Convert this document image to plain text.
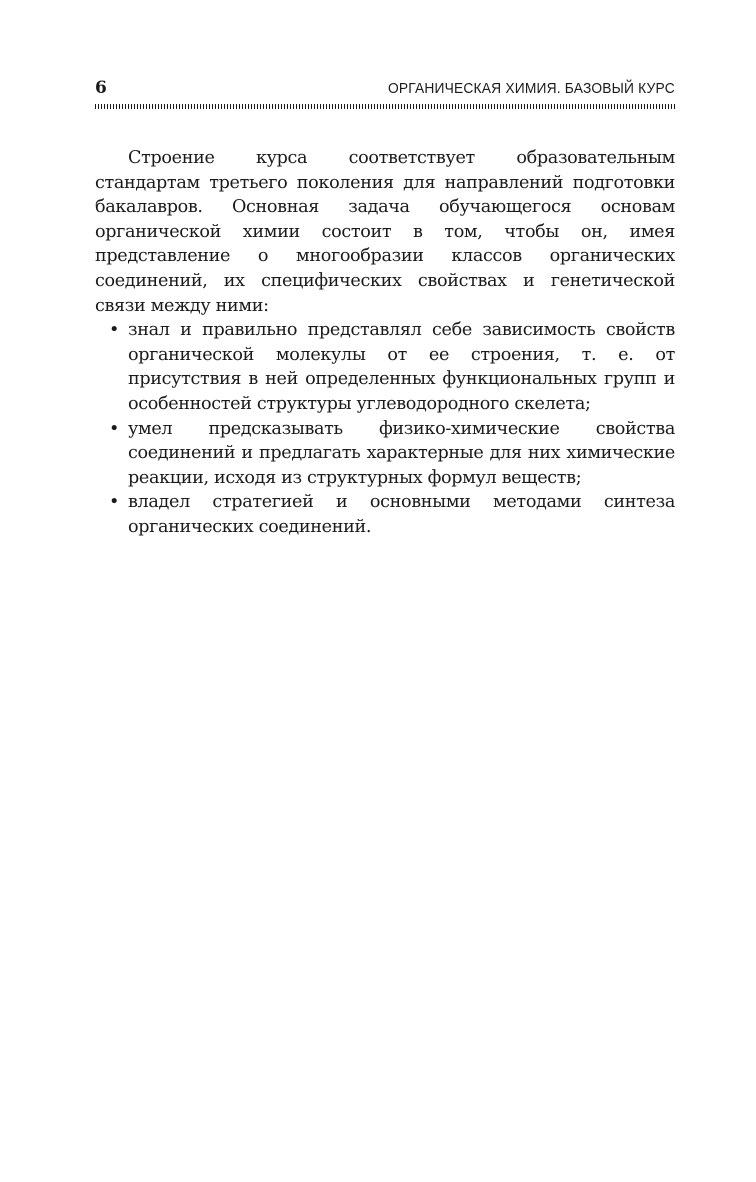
6	ОРГАНИЧЕСКАЯ ХИМИЯ. БАЗОВЫЙ КУРС

Строение курса соответствует образовательным стандартам третьего поколения для направлений подготовки бакалавров. Основная задача обучающегося основам органической химии состоит в том, чтобы он, имея представление о многообразии классов органических соединений, их специфических свойствах и генетической связи между ними:

• знал и правильно представлял себе зависимость свойств органической молекулы от ее строения, т. е. от присутствия в ней определенных функциональных групп и особенностей структуры углеводородного скелета;
• умел предсказывать физико-химические свойства соединений и предлагать характерные для них химические реакции, исходя из структурных формул веществ;
• владел стратегией и основными методами синтеза органических соединений.
